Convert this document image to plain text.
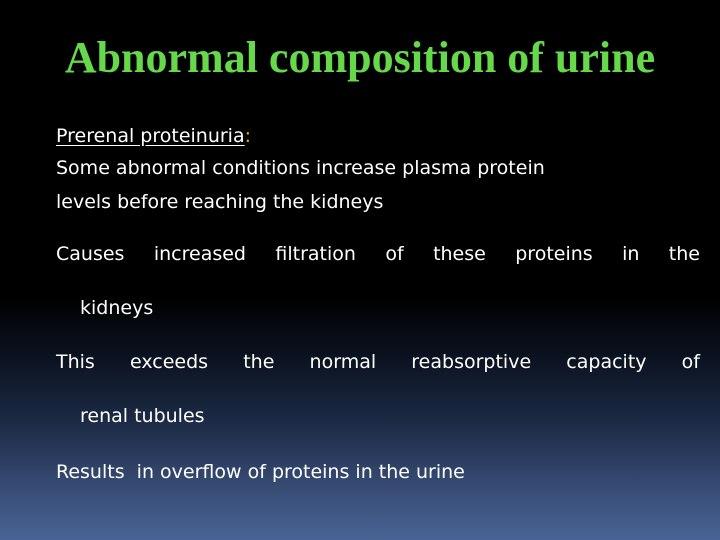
Abnormal composition of urine
Prerenal proteinuria:

Some abnormal conditions increase plasma protein

levels before reaching the kidneys

Causes increased filtration of these proteins in the

kidneys

This exceeds the normal reabsorptive capacity of

renal tubules

Results  in overflow of proteins in the urine
